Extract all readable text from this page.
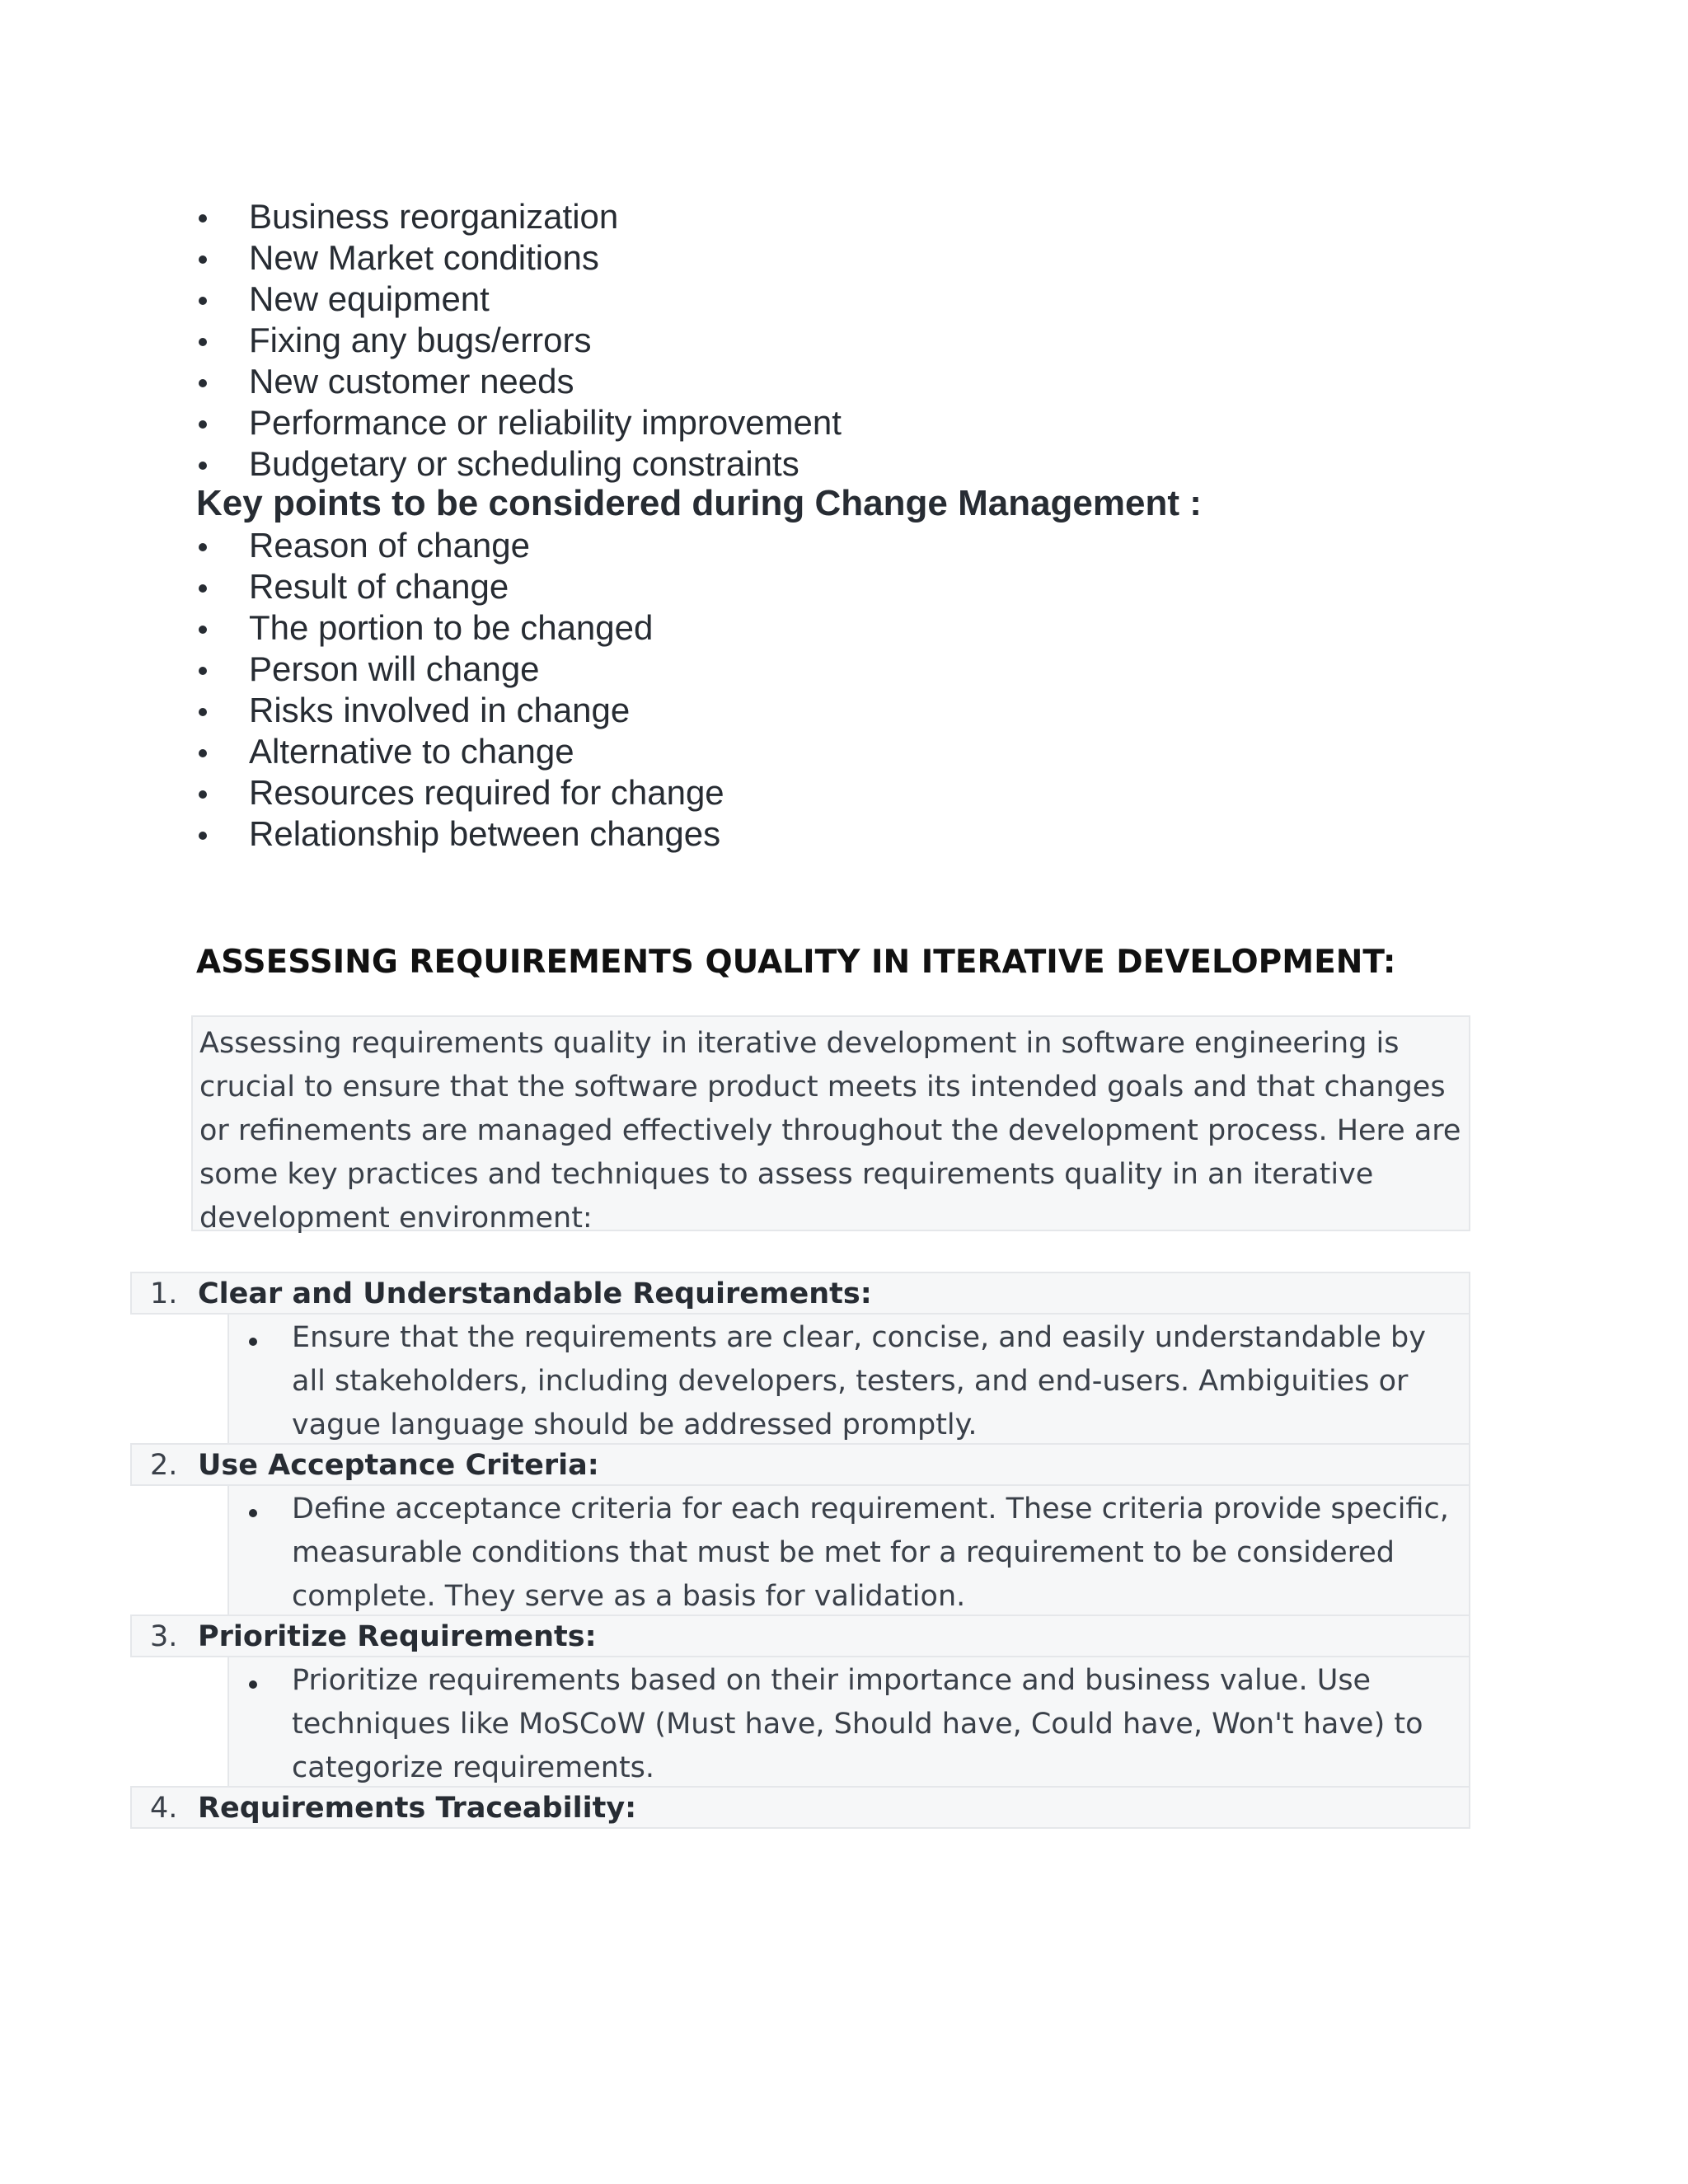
Business reorganization
New Market conditions
New equipment
Fixing any bugs/errors
New customer needs
Performance or reliability improvement
Budgetary or scheduling constraints
Key points to be considered during Change Management :
Reason of change
Result of change
The portion to be changed
Person will change
Risks involved in change
Alternative to change
Resources required for change
Relationship between changes
ASSESSING REQUIREMENTS QUALITY IN ITERATIVE DEVELOPMENT:

Assessing requirements quality in iterative development in software engineering is crucial to ensure that the software product meets its intended goals and that changes or refinements are managed effectively throughout the development process. Here are some key practices and techniques to assess requirements quality in an iterative development environment:

1. Clear and Understandable Requirements:
Ensure that the requirements are clear, concise, and easily understandable by all stakeholders, including developers, testers, and end-users. Ambiguities or vague language should be addressed promptly.
2. Use Acceptance Criteria:
Define acceptance criteria for each requirement. These criteria provide specific, measurable conditions that must be met for a requirement to be considered complete. They serve as a basis for validation.
3. Prioritize Requirements:
Prioritize requirements based on their importance and business value. Use techniques like MoSCoW (Must have, Should have, Could have, Won't have) to categorize requirements.
4. Requirements Traceability:
